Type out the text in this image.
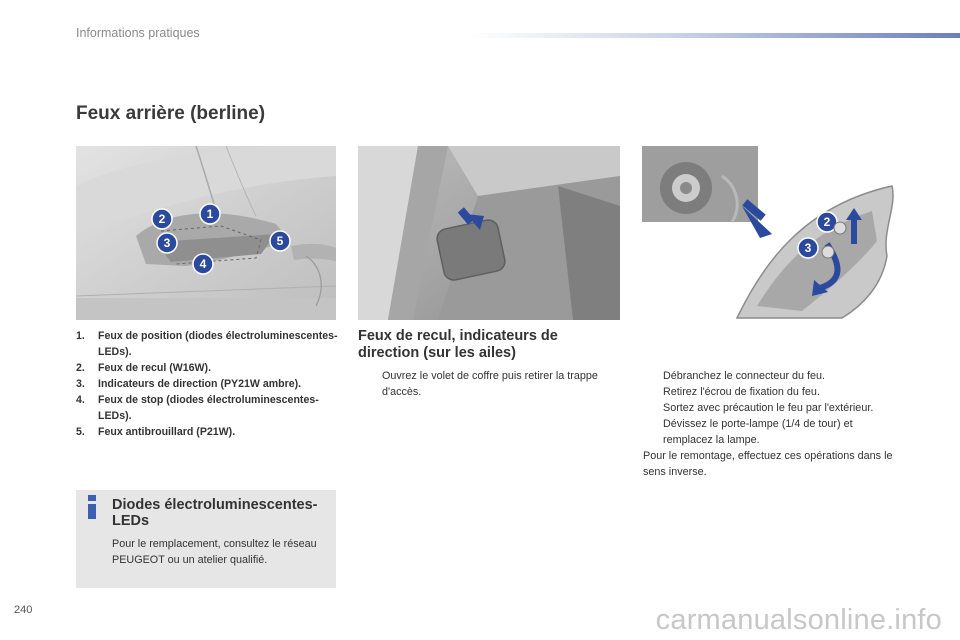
Informations pratiques
Feux arrière (berline)
1
2
3
4
5
2
3
1.	Feux de position (diodes électroluminescentes-LEDs).
2.	Feux de recul (W16W).
3.	Indicateurs de direction (PY21W ambre).
4.	Feux de stop (diodes électroluminescentes-LEDs).
5.	Feux antibrouillard (P21W).
Feux de recul, indicateurs de direction (sur les ailes)
Ouvrez le volet de coffre puis retirer la trappe d'accès.
Débranchez le connecteur du feu.
Retirez l'écrou de fixation du feu.
Sortez avec précaution le feu par l'extérieur.
Dévissez le porte-lampe (1/4 de tour) et remplacez la lampe.
Pour le remontage, effectuez ces opérations dans le sens inverse.
Diodes électroluminescentes-LEDs
Pour le remplacement, consultez le réseau PEUGEOT ou un atelier qualifié.
240	carmanualsonline.info
